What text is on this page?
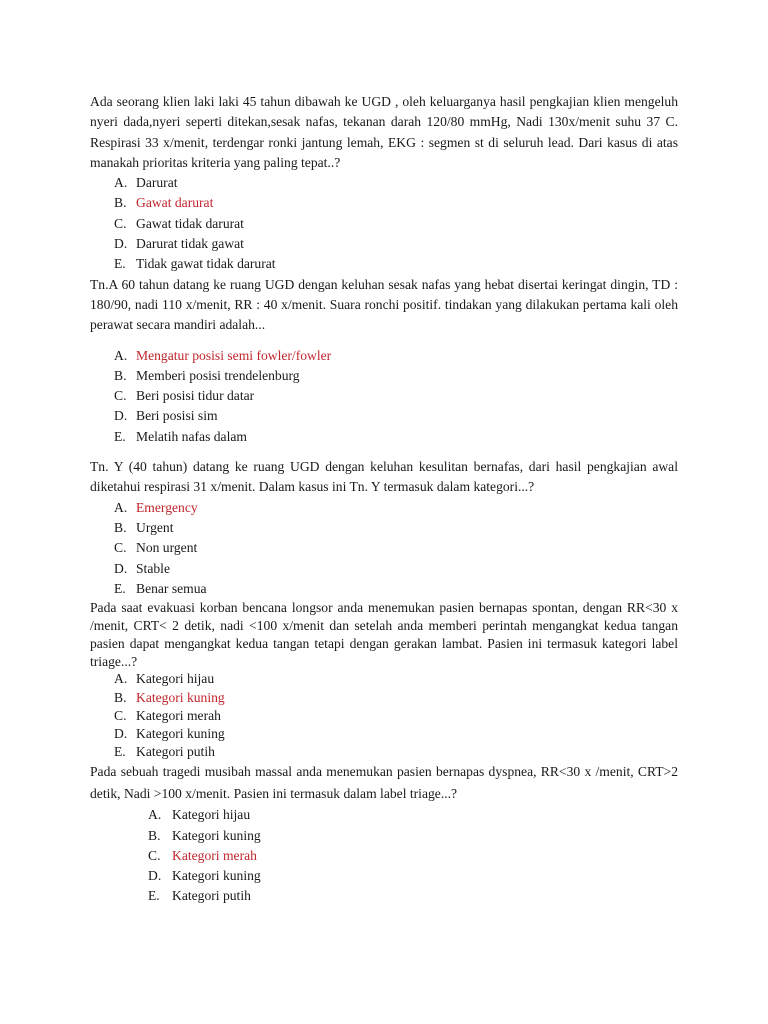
Ada seorang klien laki laki 45 tahun dibawah ke UGD , oleh keluarganya hasil pengkajian klien mengeluh nyeri dada,nyeri seperti ditekan,sesak nafas, tekanan darah 120/80 mmHg, Nadi 130x/menit suhu 37 C. Respirasi 33 x/menit, terdengar ronki jantung lemah, EKG : segmen st di seluruh lead. Dari kasus di atas manakah prioritas kriteria yang paling tepat..?

A. Darurat
B. Gawat darurat
C. Gawat tidak darurat
D. Darurat tidak gawat
E. Tidak gawat tidak darurat

Tn.A 60 tahun datang ke ruang UGD dengan keluhan sesak nafas yang hebat disertai keringat dingin, TD : 180/90, nadi 110 x/menit, RR : 40 x/menit. Suara ronchi positif. tindakan yang dilakukan pertama kali oleh perawat secara mandiri adalah...

A. Mengatur posisi semi fowler/fowler
B. Memberi posisi trendelenburg
C. Beri posisi tidur datar
D. Beri posisi sim
E. Melatih nafas dalam

Tn. Y (40 tahun) datang ke ruang UGD dengan keluhan kesulitan bernafas, dari hasil pengkajian awal diketahui respirasi 31 x/menit. Dalam kasus ini Tn. Y termasuk dalam kategori...?

A. Emergency
B. Urgent
C. Non urgent
D. Stable
E. Benar semua

Pada saat evakuasi korban bencana longsor anda menemukan pasien bernapas spontan, dengan RR<30 x /menit, CRT< 2 detik, nadi <100 x/menit dan setelah anda memberi perintah mengangkat kedua tangan pasien dapat mengangkat kedua tangan tetapi dengan gerakan lambat. Pasien ini termasuk kategori label triage...?

A. Kategori hijau
B. Kategori kuning
C. Kategori merah
D. Kategori kuning
E. Kategori putih

Pada sebuah tragedi musibah massal anda menemukan pasien bernapas dyspnea, RR<30 x /menit, CRT>2 detik, Nadi >100 x/menit. Pasien ini termasuk dalam label triage...?

A. Kategori hijau
B. Kategori kuning
C. Kategori merah
D. Kategori kuning
E. Kategori putih
